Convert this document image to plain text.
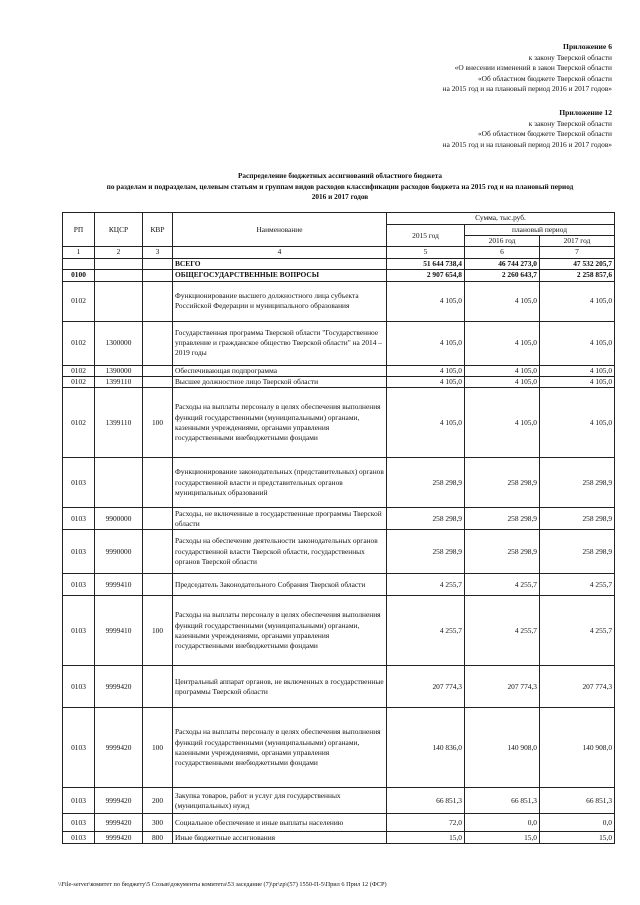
Приложение 6
к закону Тверской области
«О внесении изменений в закон Тверской области
«Об областном бюджете Тверской области
на 2015 год и на плановый период 2016 и 2017 годов»
Приложение 12
к закону Тверской области
«Об областном бюджете Тверской области
на 2015 год и на плановый период 2016 и 2017 годов»
Распределение бюджетных ассигнований областного бюджета
по разделам и подразделам, целевым статьям и группам видов расходов классификации расходов бюджета на 2015 год и на плановый период
2016 и 2017 годов
РП	КЦСР	КВР	Наименование	Сумма, тыс.руб.		
				2015 год	плановый период	
					2016 год	2017 год
1	2	3	4	5	6	7
			ВСЕГО	51 644 738,4	46 744 273,0	47 532 205,7
0100			ОБЩЕГОСУДАРСТВЕННЫЕ ВОПРОСЫ	2 907 654,8	2 260 643,7	2 258 857,6
0102			Функционирование высшего должностного лица субъекта Российской Федерации и муниципального образования	4 105,0	4 105,0	4 105,0
0102	1300000		Государственная программа Тверской области "Государственное управление и гражданское общество Тверской области" на 2014 – 2019 годы	4 105,0	4 105,0	4 105,0
0102	1390000		Обеспечивающая подпрограмма	4 105,0	4 105,0	4 105,0
0102	1399110		Высшее должностное лицо Тверской области	4 105,0	4 105,0	4 105,0
0102	1399110	100	Расходы на выплаты персоналу в целях обеспечения выполнения функций государственными (муниципальными) органами, казенными учреждениями, органами управления государственными внебюджетными фондами	4 105,0	4 105,0	4 105,0
0103			Функционирование законодательных (представительных) органов государственной власти и представительных органов муниципальных образований	258 298,9	258 298,9	258 298,9
0103	9900000		Расходы, не включенные в государственные программы Тверской области	258 298,9	258 298,9	258 298,9
0103	9990000		Расходы на обеспечение деятельности законодательных органов государственной власти Тверской области, государственных органов Тверской области	258 298,9	258 298,9	258 298,9
0103	9999410		Председатель Законодательного Собрания Тверской области	4 255,7	4 255,7	4 255,7
0103	9999410	100	Расходы на выплаты персоналу в целях обеспечения выполнения функций государственными (муниципальными) органами, казенными учреждениями, органами управления государственными внебюджетными фондами	4 255,7	4 255,7	4 255,7
0103	9999420		Центральный аппарат органов, не включенных в государственные программы Тверской области	207 774,3	207 774,3	207 774,3
0103	9999420	100	Расходы на выплаты персоналу в целях обеспечения выполнения функций государственными (муниципальными) органами, казенными учреждениями, органами управления государственными внебюджетными фондами	140 836,0	140 908,0	140 908,0
0103	9999420	200	Закупка товаров, работ и услуг для государственных (муниципальных) нужд	66 851,3	66 851,3	66 851,3
0103	9999420	300	Социальное обеспечение и иные выплаты населению	72,0	0,0	0,0
0103	9999420	800	Иные бюджетные ассигнования	15,0	15,0	15,0
\\File-server\комитет по бюджету\5 Созыв\документы комитета\53 заседание (7)\pr\zp\(57) 1550-П-5\Прил 6 Прил 12 (ФСР)
